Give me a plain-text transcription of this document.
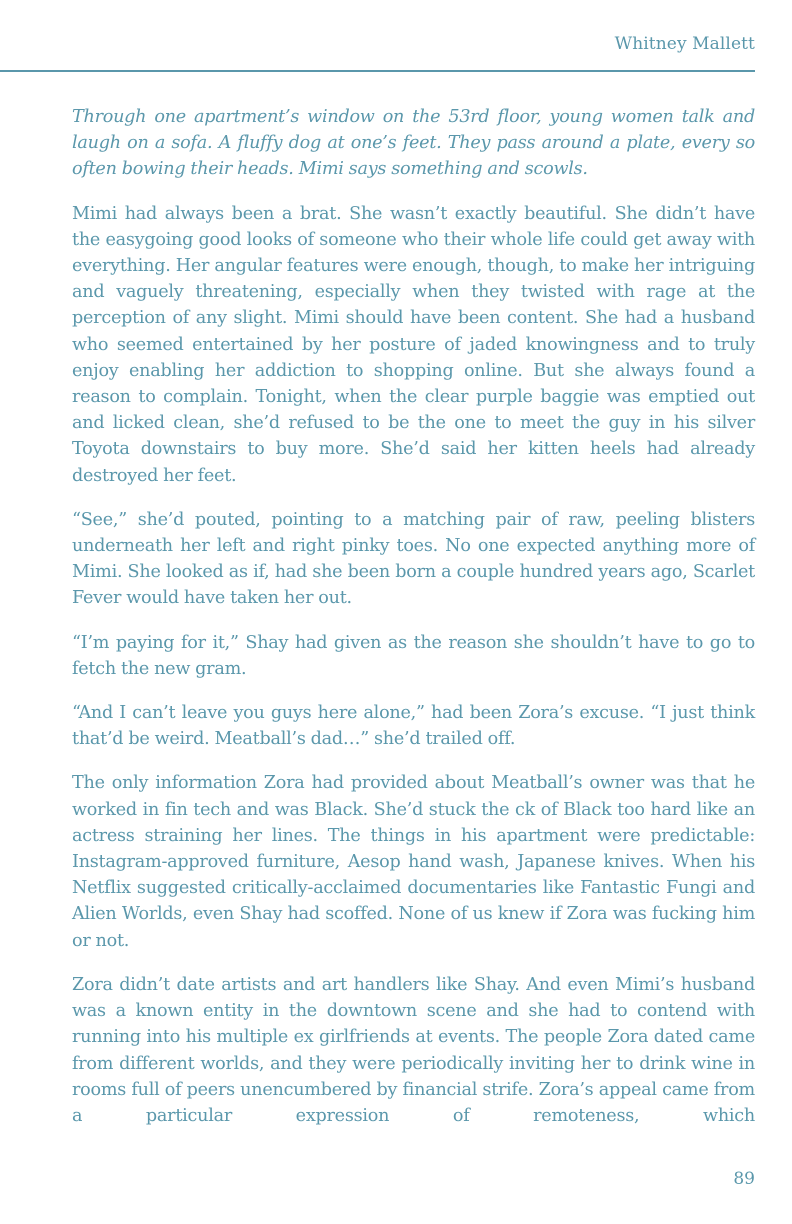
Whitney Mallett

Through one apartment’s window on the 53rd floor, young women talk and laugh on a sofa. A fluffy dog at one’s feet. They pass around a plate, every so often bowing their heads. Mimi says something and scowls.

Mimi had always been a brat. She wasn’t exactly beautiful. She didn’t have the easygoing good looks of someone who their whole life could get away with everything. Her angular features were enough, though, to make her intriguing and vaguely threatening, especially when they twisted with rage at the perception of any slight. Mimi should have been content. She had a husband who seemed entertained by her posture of jaded knowingness and to truly enjoy enabling her addiction to shopping online. But she always found a reason to complain. Tonight, when the clear purple baggie was emptied out and licked clean, she’d refused to be the one to meet the guy in his silver Toyota downstairs to buy more. She’d said her kitten heels had already destroyed her feet.

“See,” she’d pouted, pointing to a matching pair of raw, peeling blisters underneath her left and right pinky toes. No one expected anything more of Mimi. She looked as if, had she been born a couple hundred years ago, Scarlet Fever would have taken her out.

“I’m paying for it,” Shay had given as the reason she shouldn’t have to go to fetch the new gram.

“And I can’t leave you guys here alone,” had been Zora’s excuse. “I just think that’d be weird. Meatball’s dad…” she’d trailed off.

The only information Zora had provided about Meatball’s owner was that he worked in fin tech and was Black. She’d stuck the ck of Black too hard like an actress straining her lines. The things in his apartment were predictable: Instagram-approved furniture, Aesop hand wash, Japanese knives. When his Netflix suggested critically-acclaimed documentaries like Fantastic Fungi and Alien Worlds, even Shay had scoffed. None of us knew if Zora was fucking him or not.

Zora didn’t date artists and art handlers like Shay. And even Mimi’s husband was a known entity in the downtown scene and she had to contend with running into his multiple ex girlfriends at events. The people Zora dated came from different worlds, and they were periodically inviting her to drink wine in rooms full of peers unencumbered by financial strife. Zora’s appeal came from a particular expression of remoteness, which

89
